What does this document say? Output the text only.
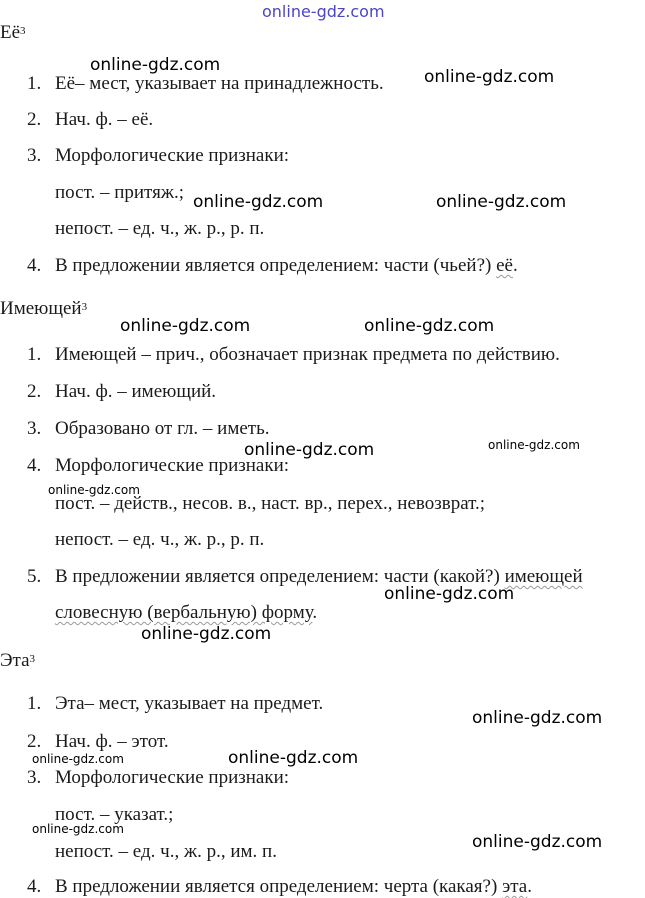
online-gdz.com
$Её^3$
1. Её– мест, указывает на принадлежность.
2. Нач. ф. – её.
3. Морфологические признаки:
пост. – притяж.;
непост. – ед. ч., ж. р., р. п.
4. В предложении является определением: части (чьей?) её.
Имеющей$^3$
1. Имеющей – прич., обозначает признак предмета по действию.
2. Нач. ф. – имеющий.
3. Образовано от гл. – иметь.
4. Морфологические признаки:
пост. – действ., несов. в., наст. вр., перех., невозврат.;
непост. – ед. ч., ж. р., р. п.
5. В предложении является определением: части (какой?) имеющей
словесную (вербальную) форму.
Эта$^3$
1. Эта– мест, указывает на предмет.
2. Нач. ф. – этот.
3. Морфологические признаки:
пост. – указат.;
непост. – ед. ч., ж. р., им. п.
4. В предложении является определением: черта (какая?) эта.
online-gdz.com
online-gdz.com
online-gdz.com	online-gdz.com
online-gdz.com	online-gdz.com
online-gdz.com	online-gdz.com
online-gdz.com
online-gdz.com
online-gdz.com
online-gdz.com
online-gdz.com
online-gdz.com
online-gdz.com
online-gdz.com
